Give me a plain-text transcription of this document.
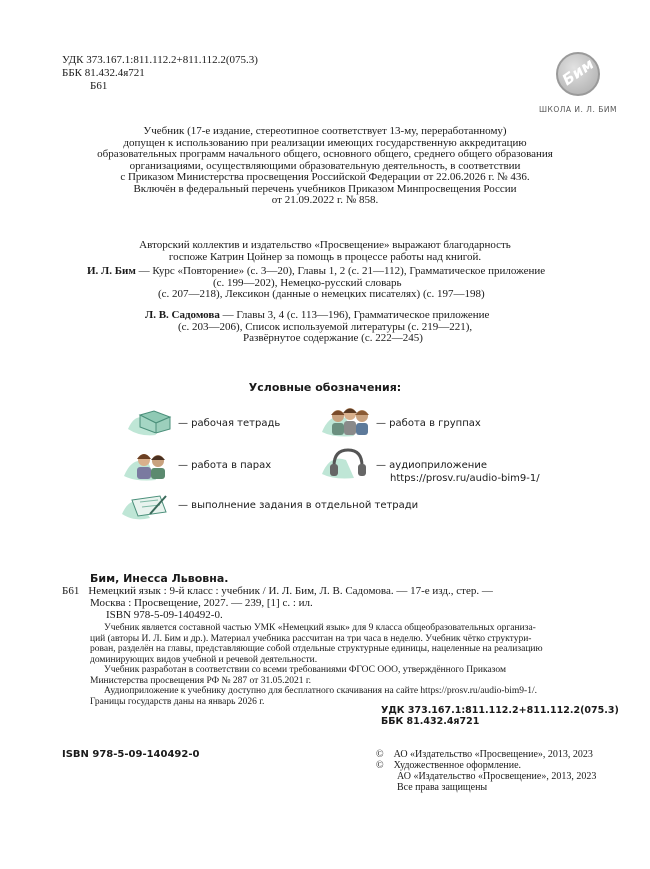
УДК 373.167.1:811.112.2+811.112.2(075.3)
ББК 81.432.4я721
Б61	Бим
ШКОЛА И. Л. БИМ
Учебник (17-е издание, стереотипное соответствует 13-му, переработанному)
допущен к использованию при реализации имеющих государственную аккредитацию
образовательных программ начального общего, основного общего, среднего общего образования
организациями, осуществляющими образовательную деятельность, в соответствии
с Приказом Министерства просвещения Российской Федерации от 22.06.2026 г. № 436.
Включён в федеральный перечень учебников Приказом Минпросвещения России
от 21.09.2022 г. № 858.
Авторский коллектив и издательство «Просвещение» выражают благодарность
госпоже Катрин Цойнер за помощь в процессе работы над книгой.
И. Л. Бим — Курс «Повторение» (с. 3—20), Главы 1, 2 (с. 21—112), Грамматическое приложение
(с. 199—202), Немецко-русский словарь
(с. 207—218), Лексикон (данные о немецких писателях) (с. 197—198)
Л. В. Садомова — Главы 3, 4 (с. 113—196), Грамматическое приложение
(с. 203—206), Список используемой литературы (с. 219—221),
Развёрнутое содержание (с. 222—245)
Условные обозначения:
— рабочая тетрадь	— работа в группах
— работа в парах	— аудиоприложение
https://prosv.ru/audio-bim9-1/
— выполнение задания в отдельной тетради
Бим, Инесса Львовна.
Б61 Немецкий язык : 9-й класс : учебник / И. Л. Бим, Л. В. Садомова. — 17-е изд., стер. —
Москва : Просвещение, 2027. — 239, [1] с. : ил.
ISBN 978-5-09-140492-0.
Учебник является составной частью УМК «Немецкий язык» для 9 класса общеобразовательных организа-
ций (авторы И. Л. Бим и др.). Материал учебника рассчитан на три часа в неделю. Учебник чётко структури-
рован, разделён на главы, представляющие собой отдельные структурные единицы, нацеленные на реализацию
доминирующих видов учебной и речевой деятельности.
Учебник разработан в соответствии со всеми требованиями ФГОС ООО, утверждённого Приказом
Министерства просвещения РФ № 287 от 31.05.2021 г.
Аудиоприложение к учебнику доступно для бесплатного скачивания на сайте https://prosv.ru/audio-bim9-1/.
Границы государств даны на январь 2026 г.
УДК 373.167.1:811.112.2+811.112.2(075.3)
ББК 81.432.4я721
ISBN 978-5-09-140492-0	© АО «Издательство «Просвещение», 2013, 2023
© Художественное оформление.
АО «Издательство «Просвещение», 2013, 2023
Все права защищены
